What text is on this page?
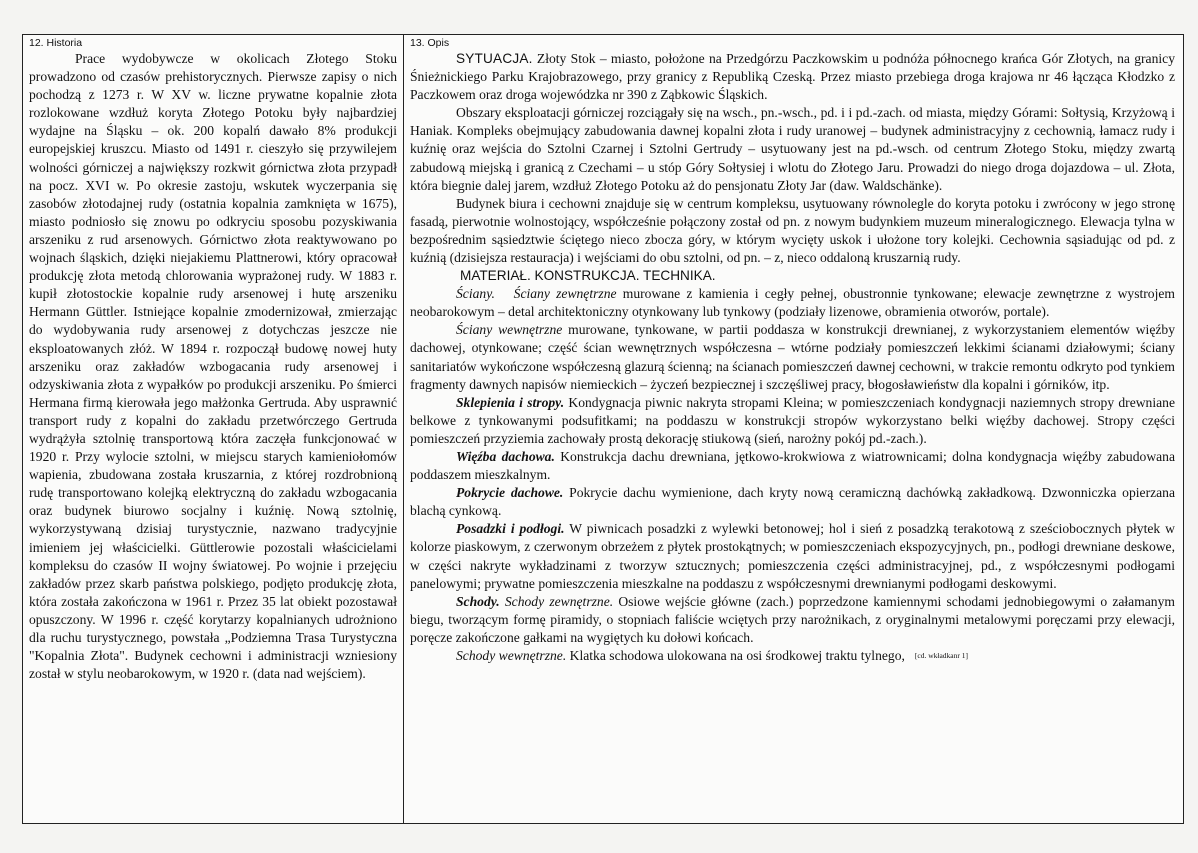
12. Historia

Prace wydobywcze w okolicach Złotego Stoku prowadzono od czasów prehistorycznych. Pierwsze zapisy o nich pochodzą z 1273 r. W XV w. liczne prywatne kopalnie złota rozlokowane wzdłuż koryta Złotego Potoku były najbardziej wydajne na Śląsku – ok. 200 kopalń dawało 8% produkcji europejskiej kruszcu. Miasto od 1491 r. cieszyło się przywilejem wolności górniczej a największy rozkwit górnictwa złota przypadł na pocz. XVI w. Po okresie zastoju, wskutek wyczerpania się zasobów złotodajnej rudy (ostatnia kopalnia zamknięta w 1675), miasto podniosło się znowu po odkryciu sposobu pozyskiwania arszeniku z rud arsenowych. Górnictwo złota reaktywowano po wojnach śląskich, dzięki niejakiemu Plattnerowi, który opracował produkcję złota metodą chlorowania wyprażonej rudy. W 1883 r. kupił złotostockie kopalnie rudy arsenowej i hutę arszeniku Hermann Güttler. Istniejące kopalnie zmodernizował, zmierzając do wydobywania rudy arsenowej z dotychczas jeszcze nie eksploatowanych złóż. W 1894 r. rozpoczął budowę nowej huty arszeniku oraz zakładów wzbogacania rudy arsenowej i odzyskiwania złota z wypałków po produkcji arszeniku. Po śmierci Hermana firmą kierowała jego małżonka Gertruda. Aby usprawnić transport rudy z kopalni do zakładu przetwórczego Gertruda wydrążyła sztolnię transportową która zaczęła funkcjonować w 1920 r. Przy wylocie sztolni, w miejscu starych kamieniołomów wapienia, zbudowana została kruszarnia, z której rozdrobnioną rudę transportowano kolejką elektryczną do zakładu wzbogacania oraz budynek biurowo socjalny i kuźnię. Nową sztolnię, wykorzystywaną dzisiaj turystycznie, nazwano tradycyjnie imieniem jej właścicielki. Güttlerowie pozostali właścicielami kompleksu do czasów II wojny światowej. Po wojnie i przejęciu zakładów przez skarb państwa polskiego, podjęto produkcję złota, która została zakończona w 1961 r. Przez 35 lat obiekt pozostawał opuszczony. W 1996 r. część korytarzy kopalnianych udrożniono dla ruchu turystycznego, powstała „Podziemna Trasa Turystyczna "Kopalnia Złota". Budynek cechowni i administracji wzniesiony został w stylu neobarokowym, w 1920 r. (data nad wejściem).

13. Opis

SYTUACJA. Złoty Stok – miasto, położone na Przedgórzu Paczkowskim u podnóża północnego krańca Gór Złotych, na granicy Śnieżnickiego Parku Krajobrazowego, przy granicy z Republiką Czeską. Przez miasto przebiega droga krajowa nr 46 łącząca Kłodzko z Paczkowem oraz droga wojewódzka nr 390 z Ząbkowic Śląskich.

Obszary eksploatacji górniczej rozciągały się na wsch., pn.-wsch., pd. i i pd.-zach. od miasta, między Górami: Sołtysią, Krzyżową i Haniak. Kompleks obejmujący zabudowania dawnej kopalni złota i rudy uranowej – budynek administracyjny z cechownią, łamacz rudy i kuźnię oraz wejścia do Sztolni Czarnej i Sztolni Gertrudy – usytuowany jest na pd.-wsch. od centrum Złotego Stoku, między zwartą zabudową miejską i granicą z Czechami – u stóp Góry Sołtysiej i wlotu do Złotego Jaru. Prowadzi do niego droga dojazdowa – ul. Złota, która biegnie dalej jarem, wzdłuż Złotego Potoku aż do pensjonatu Złoty Jar (daw. Waldschänke).

Budynek biura i cechowni znajduje się w centrum kompleksu, usytuowany równolegle do koryta potoku i zwrócony w jego stronę fasadą, pierwotnie wolnostojący, współcześnie połączony został od pn. z nowym budynkiem muzeum mineralogicznego. Elewacja tylna w bezpośrednim sąsiedztwie ściętego nieco zbocza góry, w którym wycięty uskok i ułożone tory kolejki. Cechownia sąsiadując od pd. z kuźnią (dzisiejsza restauracja) i wejściami do obu sztolni, od pn. – z, nieco oddaloną kruszarnią rudy.

MATERIAŁ. KONSTRUKCJA. TECHNIKA.

Ściany. Ściany zewnętrzne murowane z kamienia i cegły pełnej, obustronnie tynkowane; elewacje zewnętrzne z wystrojem neobarokowym – detal architektoniczny otynkowany lub tynkowy (podziały lizenowe, obramienia otworów, portale).

Ściany wewnętrzne murowane, tynkowane, w partii poddasza w konstrukcji drewnianej, z wykorzystaniem elementów więźby dachowej, otynkowane; część ścian wewnętrznych współczesna – wtórne podziały pomieszczeń lekkimi ścianami działowymi; ściany sanitariatów wykończone współczesną glazurą ścienną; na ścianach pomieszczeń dawnej cechowni, w trakcie remontu odkryto pod tynkiem fragmenty dawnych napisów niemieckich – życzeń bezpiecznej i szczęśliwej pracy, błogosławieństw dla kopalni i górników, itp.

Sklepienia i stropy. Kondygnacja piwnic nakryta stropami Kleina; w pomieszczeniach kondygnacji naziemnych stropy drewniane belkowe z tynkowanymi podsufitkami; na poddaszu w konstrukcji stropów wykorzystano belki więźby dachowej. Stropy części pomieszczeń przyziemia zachowały prostą dekorację stiukową (sień, narożny pokój pd.-zach.).

Więźba dachowa. Konstrukcja dachu drewniana, jętkowo-krokwiowa z wiatrownicami; dolna kondygnacja więźby zabudowana poddaszem mieszkalnym.

Pokrycie dachowe. Pokrycie dachu wymienione, dach kryty nową ceramiczną dachówką zakładkową. Dzwonniczka opierzana blachą cynkową.

Posadzki i podłogi. W piwnicach posadzki z wylewki betonowej; hol i sień z posadzką terakotową z sześciobocznych płytek w kolorze piaskowym, z czerwonym obrzeżem z płytek prostokątnych; w pomieszczeniach ekspozycyjnych, pn., podłogi drewniane deskowe, w części nakryte wykładzinami z tworzyw sztucznych; pomieszczenia części administracyjnej, pd., z współczesnymi podłogami panelowymi; prywatne pomieszczenia mieszkalne na poddaszu z współczesnymi drewnianymi podłogami deskowymi.

Schody. Schody zewnętrzne. Osiowe wejście główne (zach.) poprzedzone kamiennymi schodami jednobiegowymi o załamanym biegu, tworzącym formę piramidy, o stopniach faliście wciętych przy narożnikach, z oryginalnymi metalowymi poręczami przy elewacji, poręcze zakończone gałkami na wygiętych ku dołowi końcach.

Schody wewnętrzne. Klatka schodowa ulokowana na osi środkowej traktu tylnego, [cd. wkładkanr 1]
